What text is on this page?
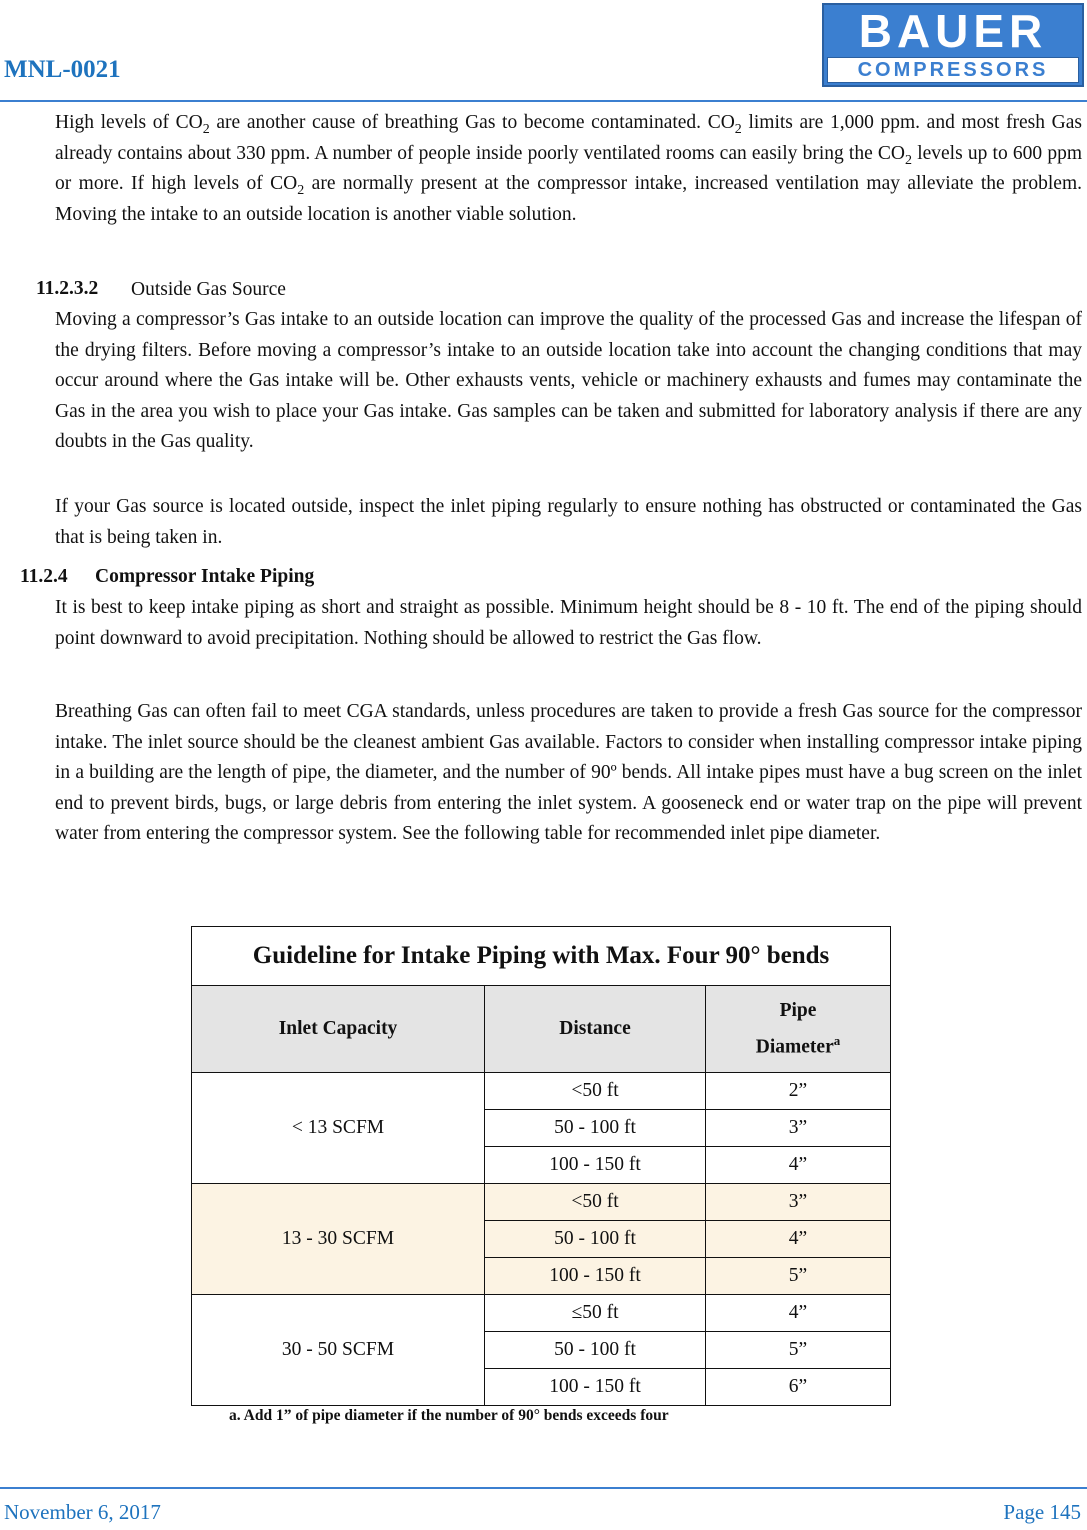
MNL-0021
BAUER
COMPRESSORS

High levels of $CO_2$ are another cause of breathing Gas to become contaminated. $CO_2$ limits are 1,000 ppm. and most fresh Gas already contains about 330 ppm. A number of people inside poorly ventilated rooms can easily bring the $CO_2$ levels up to 600 ppm or more. If high levels of $CO_2$ are normally present at the compressor intake, increased ventilation may alleviate the problem. Moving the intake to an outside location is another viable solution.

11.2.3.2 Outside Gas Source

Moving a compressor’s Gas intake to an outside location can improve the quality of the processed Gas and increase the lifespan of the drying filters. Before moving a compressor’s intake to an outside location take into account the changing conditions that may occur around where the Gas intake will be. Other exhausts vents, vehicle or machinery exhausts and fumes may contaminate the Gas in the area you wish to place your Gas intake. Gas samples can be taken and submitted for laboratory analysis if there are any doubts in the Gas quality.

If your Gas source is located outside, inspect the inlet piping regularly to ensure nothing has obstructed or contaminated the Gas that is being taken in.

11.2.4 Compressor Intake Piping

It is best to keep intake piping as short and straight as possible. Minimum height should be 8 - 10 ft. The end of the piping should point downward to avoid precipitation. Nothing should be allowed to restrict the Gas flow.

Breathing Gas can often fail to meet CGA standards, unless procedures are taken to provide a fresh Gas source for the compressor intake. The inlet source should be the cleanest ambient Gas available. Factors to consider when installing compressor intake piping in a building are the length of pipe, the diameter, and the number of 90º bends. All intake pipes must have a bug screen on the inlet end to prevent birds, bugs, or large debris from entering the inlet system. A gooseneck end or water trap on the pipe will prevent water from entering the compressor system. See the following table for recommended inlet pipe diameter.

Guideline for Intake Piping with Max. Four 90° bends		
Inlet Capacity	Distance	Pipe
Diameter$^a$
< 13 SCFM	<50 ft	2”
	50 - 100 ft	3”
	100 - 150 ft	4”
13 - 30 SCFM	<50 ft	3”
	50 - 100 ft	4”
	100 - 150 ft	5”
30 - 50 SCFM	≤50 ft	4”
	50 - 100 ft	5”
	100 - 150 ft	6”
a. Add 1” of pipe diameter if the number of 90° bends exceeds four
November 6, 2017	Page 145
